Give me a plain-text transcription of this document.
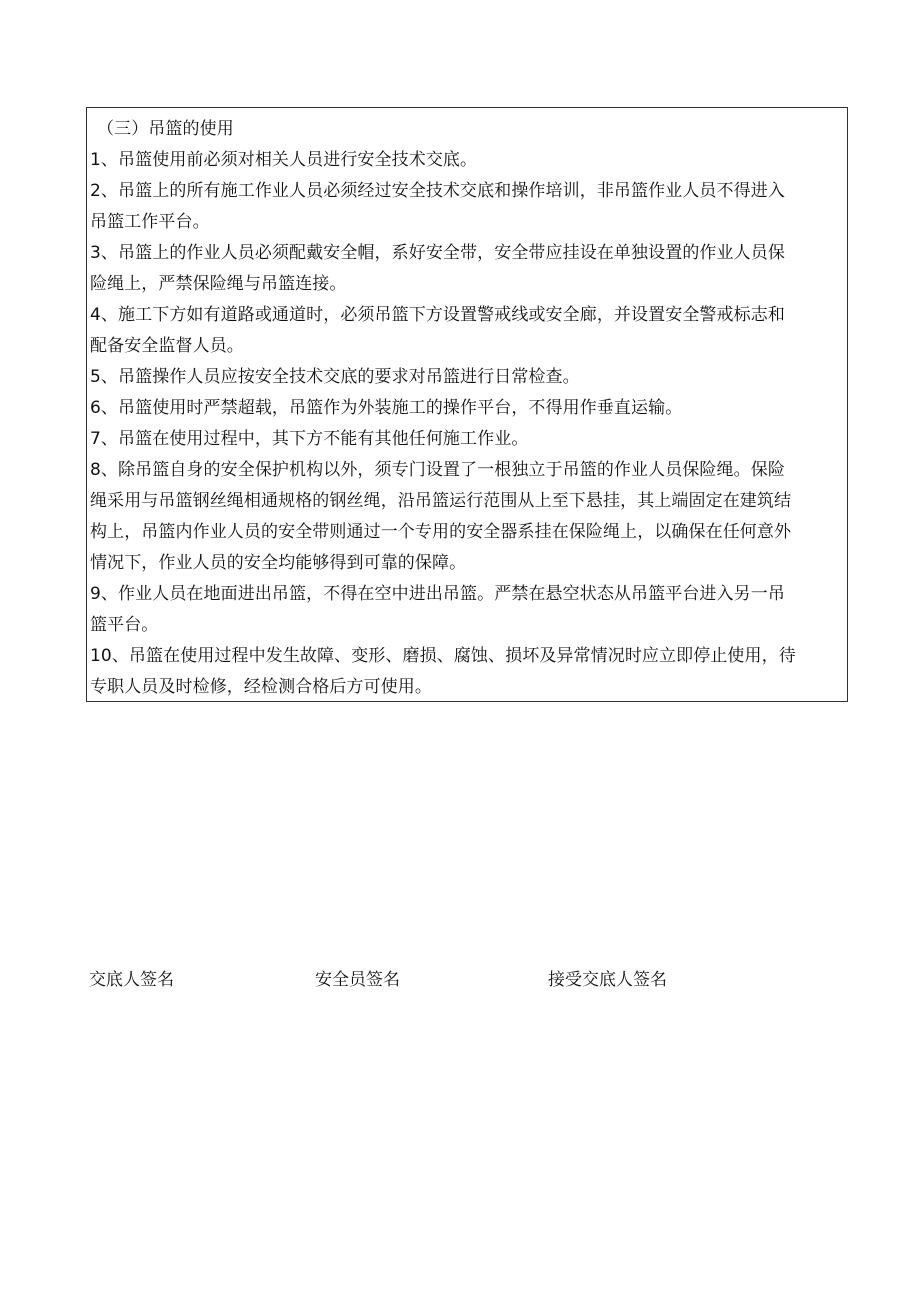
（三）吊篮的使用

1、吊篮使用前必须对相关人员进行安全技术交底。

2、吊篮上的所有施工作业人员必须经过安全技术交底和操作培训，非吊篮作业人员不得进入

吊篮工作平台。

3、吊篮上的作业人员必须配戴安全帽，系好安全带，安全带应挂设在单独设置的作业人员保

险绳上，严禁保险绳与吊篮连接。

4、施工下方如有道路或通道时，必须吊篮下方设置警戒线或安全廊，并设置安全警戒标志和

配备安全监督人员。

5、吊篮操作人员应按安全技术交底的要求对吊篮进行日常检查。

6、吊篮使用时严禁超载，吊篮作为外装施工的操作平台，不得用作垂直运输。

7、吊篮在使用过程中，其下方不能有其他任何施工作业。

8、除吊篮自身的安全保护机构以外，须专门设置了一根独立于吊篮的作业人员保险绳。保险

绳采用与吊篮钢丝绳相通规格的钢丝绳，沿吊篮运行范围从上至下悬挂，其上端固定在建筑结

构上，吊篮内作业人员的安全带则通过一个专用的安全器系挂在保险绳上，以确保在任何意外

情况下，作业人员的安全均能够得到可靠的保障。

9、作业人员在地面进出吊篮，不得在空中进出吊篮。严禁在悬空状态从吊篮平台进入另一吊

篮平台。

10、吊篮在使用过程中发生故障、变形、磨损、腐蚀、损坏及异常情况时应立即停止使用，待

专职人员及时检修，经检测合格后方可使用。

交底人签名	安全员签名	接受交底人签名
